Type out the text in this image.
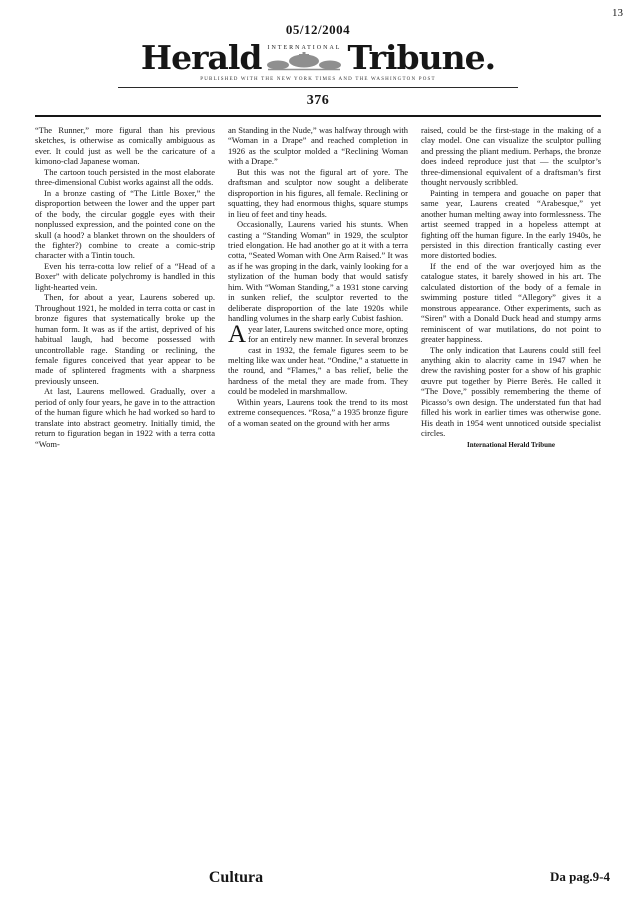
13
05/12/2004
Herald INTERNATIONAL Tribune.
PUBLISHED WITH THE NEW YORK TIMES AND THE WASHINGTON POST
376

“The Runner,” more figural than his previous sketches, is otherwise as comically ambiguous as ever. It could just as well be the caricature of a kimono-clad Japanese woman.

The cartoon touch persisted in the most elaborate three-dimensional Cubist works against all the odds.

In a bronze casting of “The Little Boxer,” the disproportion between the lower and the upper part of the body, the circular goggle eyes with their nonplussed expression, and the pointed cone on the skull (a hood? a blanket thrown on the shoulders of the fighter?) combine to create a comic-strip character with a Tintin touch.

Even his terra-cotta low relief of a “Head of a Boxer” with delicate polychromy is handled in this light-hearted vein.

Then, for about a year, Laurens sobered up. Throughout 1921, he molded in terra cotta or cast in bronze figures that systematically broke up the human form. It was as if the artist, deprived of his habitual laugh, had become possessed with uncontrollable rage. Standing or reclining, the female figures conceived that year appear to be made of splintered fragments with a sharpness previously unseen.

At last, Laurens mellowed. Gradually, over a period of only four years, he gave in to the attraction of the human figure which he had worked so hard to translate into abstract geometry. Initially timid, the return to figuration began in 1922 with a terra cotta “Wom-

an Standing in the Nude,” was halfway through with “Woman in a Drape” and reached completion in 1926 as the sculptor molded a “Reclining Woman with a Drape.”

But this was not the figural art of yore. The draftsman and sculptor now sought a deliberate disproportion in his figures, all female. Reclining or squatting, they had enormous thighs, square stumps in lieu of feet and tiny heads.

Occasionally, Laurens varied his stunts. When casting a “Standing Woman” in 1929, the sculptor tried elongation. He had another go at it with a terra cotta, “Seated Woman with One Arm Raised.” It was as if he was groping in the dark, vainly looking for a stylization of the human body that would satisfy him. With “Woman Standing,” a 1931 stone carving in sunken relief, the sculptor reverted to the deliberate disproportion of the late 1920s while handling volumes in the sharp early Cubist fashion.

Ayear later, Laurens switched once more, opting for an entirely new manner. In several bronzes cast in 1932, the female figures seem to be melting like wax under heat. “Ondine,” a statuette in the round, and “Flames,” a bas relief, belie the hardness of the metal they are made from. They could be modeled in marshmallow.

Within years, Laurens took the trend to its most extreme consequences. “Rosa,” a 1935 bronze figure of a woman seated on the ground with her arms

raised, could be the first-stage in the making of a clay model. One can visualize the sculptor pulling and pressing the pliant medium. Perhaps, the bronze does indeed reproduce just that — the sculptor’s three-dimensional equivalent of a draftsman’s first thought nervously scribbled.

Painting in tempera and gouache on paper that same year, Laurens created “Arabesque,” yet another human melting away into formlessness. The artist seemed trapped in a hopeless attempt at fighting off the human figure. In the early 1940s, he persisted in this direction frantically casting ever more distorted bodies.

If the end of the war overjoyed him as the catalogue states, it barely showed in his art. The calculated distortion of the body of a female in swimming posture titled “Allegory” gives it a monstrous appearance. Other experiments, such as “Siren” with a Donald Duck head and stumpy arms reminiscent of war mutilations, do not point to greater happiness.

The only indication that Laurens could still feel anything akin to alacrity came in 1947 when he drew the ravishing poster for a show of his graphic œuvre put together by Pierre Berès. He called it “The Dove,” possibly remembering the theme of Picasso’s own design. The understated fun that had filled his work in earlier times was otherwise gone. His death in 1954 went unnoticed outside specialist circles.

International Herald Tribune
Cultura	Da pag.9-4
